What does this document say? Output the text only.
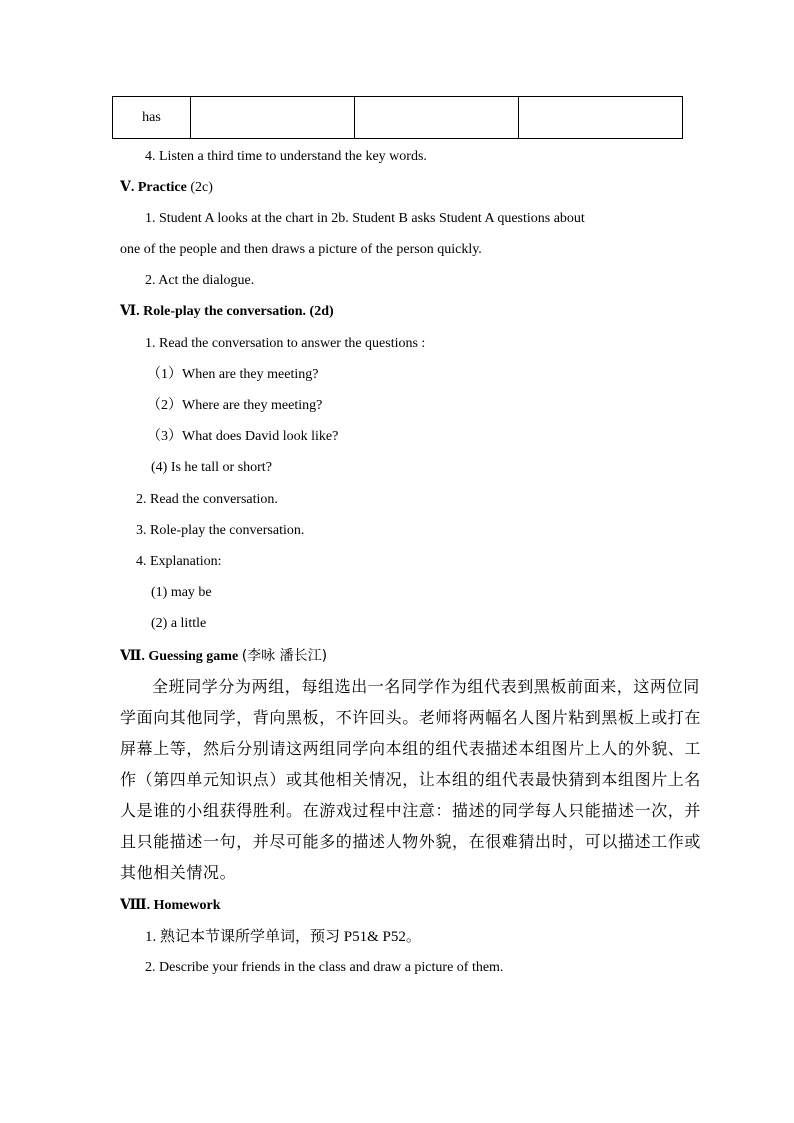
has			
4. Listen a third time to understand the key words.
Ⅴ. Practice (2c)
1. Student A looks at the chart in 2b. Student B asks Student A questions about
one of the people and then draws a picture of the person quickly.
2. Act the dialogue.
Ⅵ. Role-play the conversation. (2d)
1. Read the conversation to answer the questions :
（1）When are they meeting?
（2）Where are they meeting?
（3）What does David look like?
(4) Is he tall or short?
2. Read the conversation.
3. Role-play the conversation.
4. Explanation:
(1) may be
(2) a little
Ⅶ. Guessing game (李咏 潘长江)
全班同学分为两组，每组选出一名同学作为组代表到黑板前面来，这两位同
学面向其他同学，背向黑板，不许回头。老师将两幅名人图片粘到黑板上或打在
屏幕上等，然后分别请这两组同学向本组的组代表描述本组图片上人的外貌、工
作（第四单元知识点）或其他相关情况，让本组的组代表最快猜到本组图片上名
人是谁的小组获得胜利。在游戏过程中注意：描述的同学每人只能描述一次，并
且只能描述一句，并尽可能多的描述人物外貌，在很难猜出时，可以描述工作或
其他相关情况。
Ⅷ. Homework
1. 熟记本节课所学单词，预习 P51& P52。
2. Describe your friends in the class and draw a picture of them.
